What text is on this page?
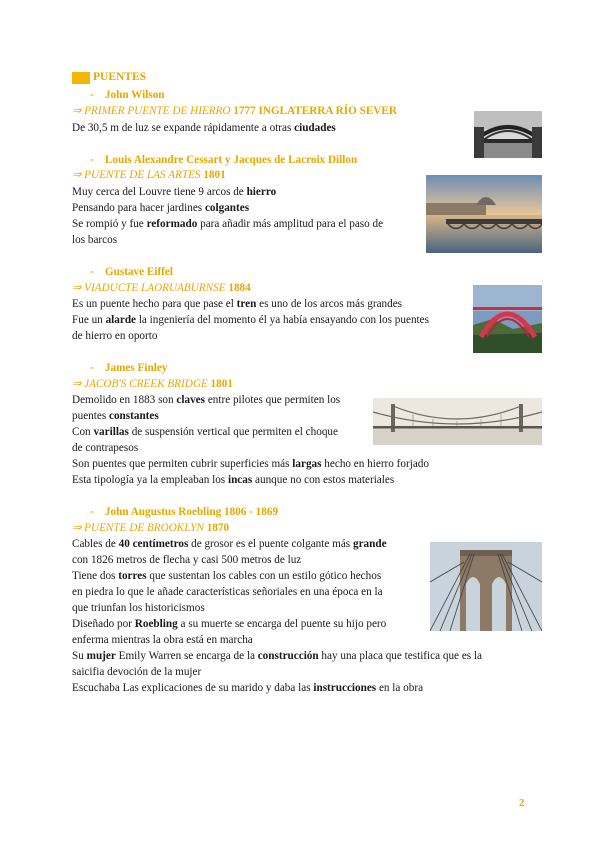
PUENTES
- John Wilson
⇒ PRIMER PUENTE DE HIERRO 1777 INGLATERRA RÍO SEVER
De 30,5 m de luz se expande rápidamente a otras ciudades
- Louis Alexandre Cessart y Jacques de Lacroix Dillon
⇒ PUENTE DE LAS ARTES 1801
Muy cerca del Louvre tiene 9 arcos de hierro
Pensando para hacer jardines colgantes
Se rompió y fue reformado para añadir más amplitud para el paso de
los barcos
- Gustave Eiffel
⇒ VIADUCTE LAORUABURNSE 1884
Es un puente hecho para que pase el tren es uno de los arcos más grandes
Fue un alarde la ingeniería del momento él ya había ensayando con los puentes
de hierro en oporto
- James Finley
⇒ JACOB'S CREEK BRIDGE 1801
Demolido en 1883 son claves entre pilotes que permiten los
puentes constantes
Con varillas de suspensión vertical que permiten el choque
de contrapesos
Son puentes que permiten cubrir superficies más largas hecho en hierro forjado
Esta tipología ya la empleaban los incas aunque no con estos materiales
- John Augustus Roebling 1806 - 1869
⇒ PUENTE DE BROOKLYN 1870
Cables de 40 centímetros de grosor es el puente colgante más grande
con 1826 metros de flecha y casi 500 metros de luz
Tiene dos torres que sustentan los cables con un estilo gótico hechos
en piedra lo que le añade características señoriales en una época en la
que triunfan los historicismos
Diseñado por Roebling a su muerte se encarga del puente su hijo pero
enferma mientras la obra está en marcha
Su mujer Emily Warren se encarga de la construcción hay una placa que testifica que es la
saicifia devoción de la mujer
Escuchaba Las explicaciones de su marido y daba las instrucciones en la obra
2
